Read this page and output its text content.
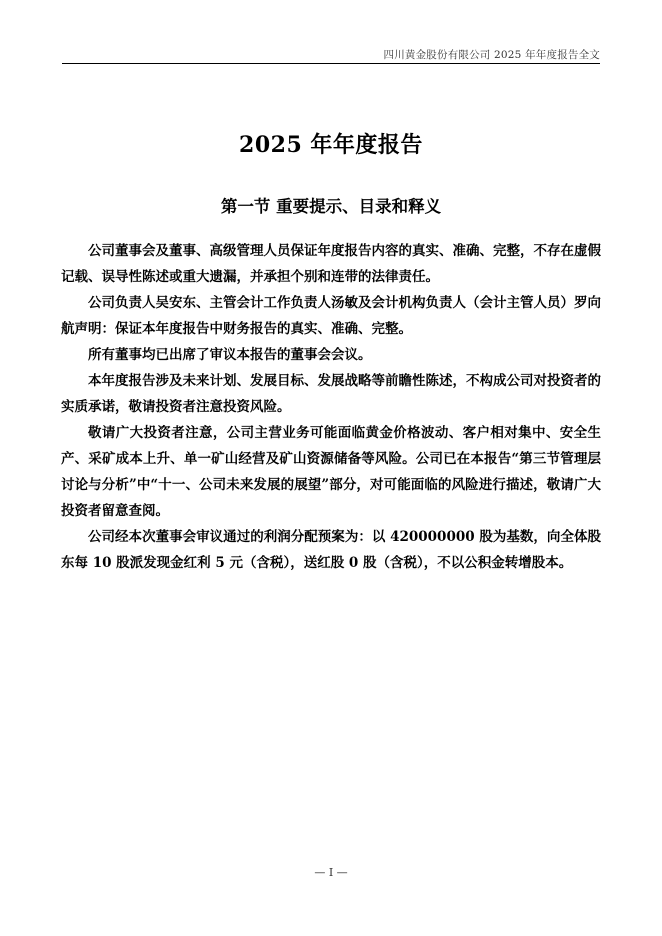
四川黄金股份有限公司 2025 年年度报告全文
2025 年年度报告
第一节 重要提示、目录和释义

公司董事会及董事、高级管理人员保证年度报告内容的真实、准确、完整，不存在虚假记载、误导性陈述或重大遗漏，并承担个别和连带的法律责任。

公司负责人吴安东、主管会计工作负责人汤敏及会计机构负责人（会计主管人员）罗向航声明：保证本年度报告中财务报告的真实、准确、完整。

所有董事均已出席了审议本报告的董事会会议。

本年度报告涉及未来计划、发展目标、发展战略等前瞻性陈述，不构成公司对投资者的实质承诺，敬请投资者注意投资风险。

敬请广大投资者注意，公司主营业务可能面临黄金价格波动、客户相对集中、安全生产、采矿成本上升、单一矿山经营及矿山资源储备等风险。公司已在本报告“第三节管理层讨论与分析”中“十一、公司未来发展的展望”部分，对可能面临的风险进行描述，敬请广大投资者留意查阅。

公司经本次董事会审议通过的利润分配预案为：以 420000000 股为基数，向全体股东每 10 股派发现金红利 5 元（含税），送红股 0 股（含税），不以公积金转增股本。

— I —
